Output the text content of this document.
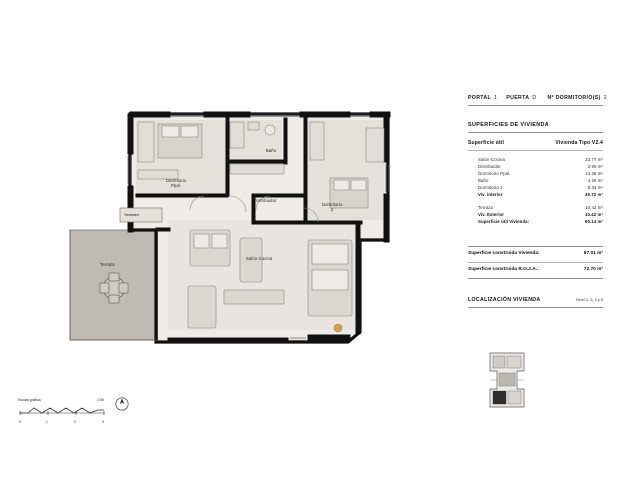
Baño
Dormitorio
Ppal.
Distribuidor
Dormitorio
2
Salón-Cocina
Terraza
Tendedero
Escala gráfica	1:50
0	1	2	3
PORTAL 1 PUERTA D Nº DORMITORIO(S) 2
SUPERFICIES DE VIVIENDA
Superficie útil	Vivienda Tipo V2.4
Salón-Cocina	23.77 m²
Distribuidor	2.99 m²
Dormitorio Ppal.	13.36 m²
Baño	4.28 m²
Dormitorio 2	8.34 m²
Viv. interior	49.72 m²
Terraza	10.42 m²
Viv. Exterior	10.42 m²
Superficie útil Vivienda:	60.14 m²
Superficie construida Vivienda:	67.01 m²
Superficie construida R.O.J.A.:	72.70 m²
LOCALIZACIÓN VIVIENDA	Nivel 2, 3, 4 y 5
